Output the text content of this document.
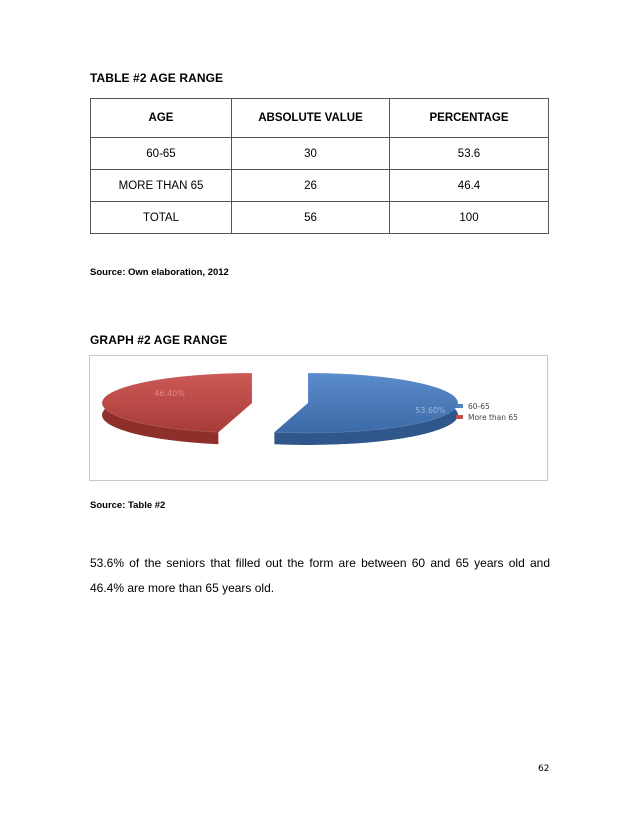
TABLE #2 AGE RANGE
AGE	ABSOLUTE VALUE	PERCENTAGE
60-65	30	53.6
MORE THAN 65	26	46.4
TOTAL	56	100
Source: Own elaboration, 2012
GRAPH #2 AGE RANGE
53.60%
46.40%
60-65
More than 65
Source: Table #2
53.6% of the seniors that filled out the form are between 60 and 65 years old and 46.4% are more than 65 years old.
62
